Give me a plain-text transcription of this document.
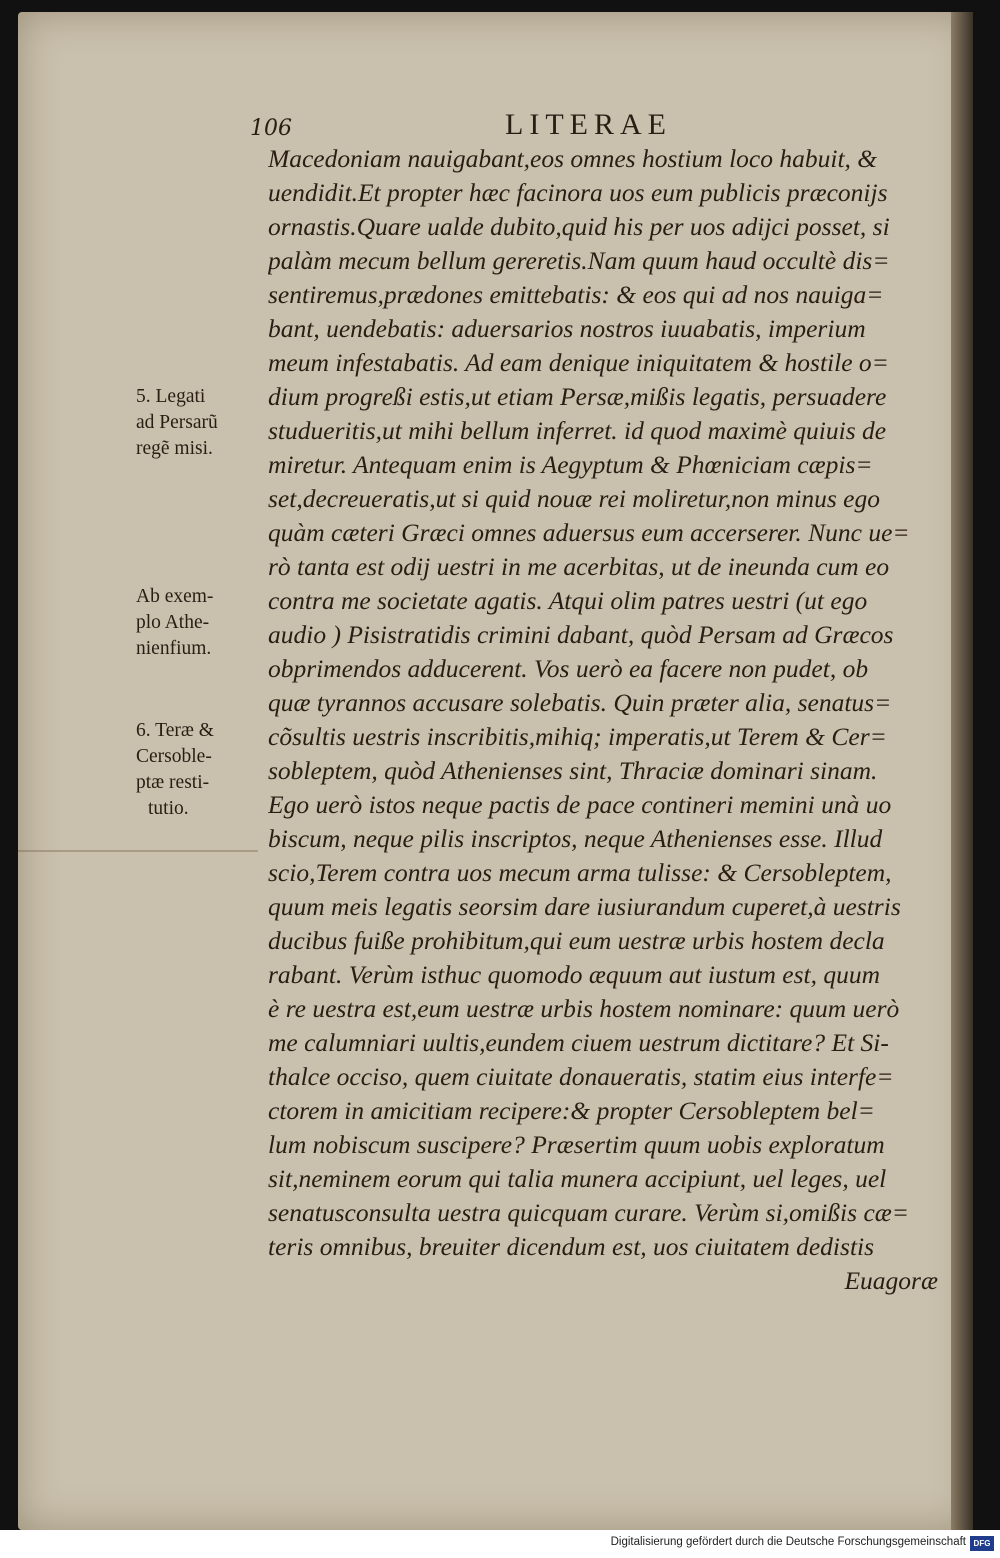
106	LITERAE
5. Legati
ad Persarũ
regẽ misi.
Ab exem-
plo Athe-
nienfium.
6. Teræ &
Cersoble-
ptæ resti-
tutio.
Macedoniam nauigabant,eos omnes hostium loco habuit, &
uendidit.Et propter hæc facinora uos eum publicis præconijs
ornastis.Quare ualde dubito,quid his per uos adijci posset, si
palàm mecum bellum gereretis.Nam quum haud occultè dis=
sentiremus,prædones emittebatis: & eos qui ad nos nauiga=
bant, uendebatis: aduersarios nostros iuuabatis, imperium
meum infestabatis. Ad eam denique iniquitatem & hostile o=
dium progreßi estis,ut etiam Persæ,mißis legatis, persuadere
studueritis,ut mihi bellum inferret. id quod maximè quiuis de
miretur. Antequam enim is Aegyptum & Phœniciam cæpis=
set,decreueratis,ut si quid nouæ rei moliretur,non minus ego
quàm cæteri Græci omnes aduersus eum accerserer. Nunc ue=
rò tanta est odij uestri in me acerbitas, ut de ineunda cum eo
contra me societate agatis. Atqui olim patres uestri (ut ego
audio ) Pisistratidis crimini dabant, quòd Persam ad Græcos
obprimendos adducerent. Vos uerò ea facere non pudet, ob
quæ tyrannos accusare solebatis. Quin præter alia, senatus=
cõsultis uestris inscribitis,mihiq; imperatis,ut Terem & Cer=
sobleptem, quòd Athenienses sint, Thraciæ dominari sinam.
Ego uerò istos neque pactis de pace contineri memini unà uo
biscum, neque pilis inscriptos, neque Athenienses esse. Illud
scio,Terem contra uos mecum arma tulisse: & Cersobleptem,
quum meis legatis seorsim dare iusiurandum cuperet,à uestris
ducibus fuiße prohibitum,qui eum uestræ urbis hostem decla
rabant. Verùm isthuc quomodo æquum aut iustum est, quum
è re uestra est,eum uestræ urbis hostem nominare: quum uerò
me calumniari uultis,eundem ciuem uestrum dictitare? Et Si-
thalce occiso, quem ciuitate donaueratis, statim eius interfe=
ctorem in amicitiam recipere:& propter Cersobleptem bel=
lum nobiscum suscipere? Præsertim quum uobis exploratum
sit,neminem eorum qui talia munera accipiunt, uel leges, uel
senatusconsulta uestra quicquam curare. Verùm si,omißis cæ=
teris omnibus, breuiter dicendum est, uos ciuitatem dedistis
Euagoræ
Digitalisierung gefördert durch die Deutsche Forschungsgemeinschaft DFG
